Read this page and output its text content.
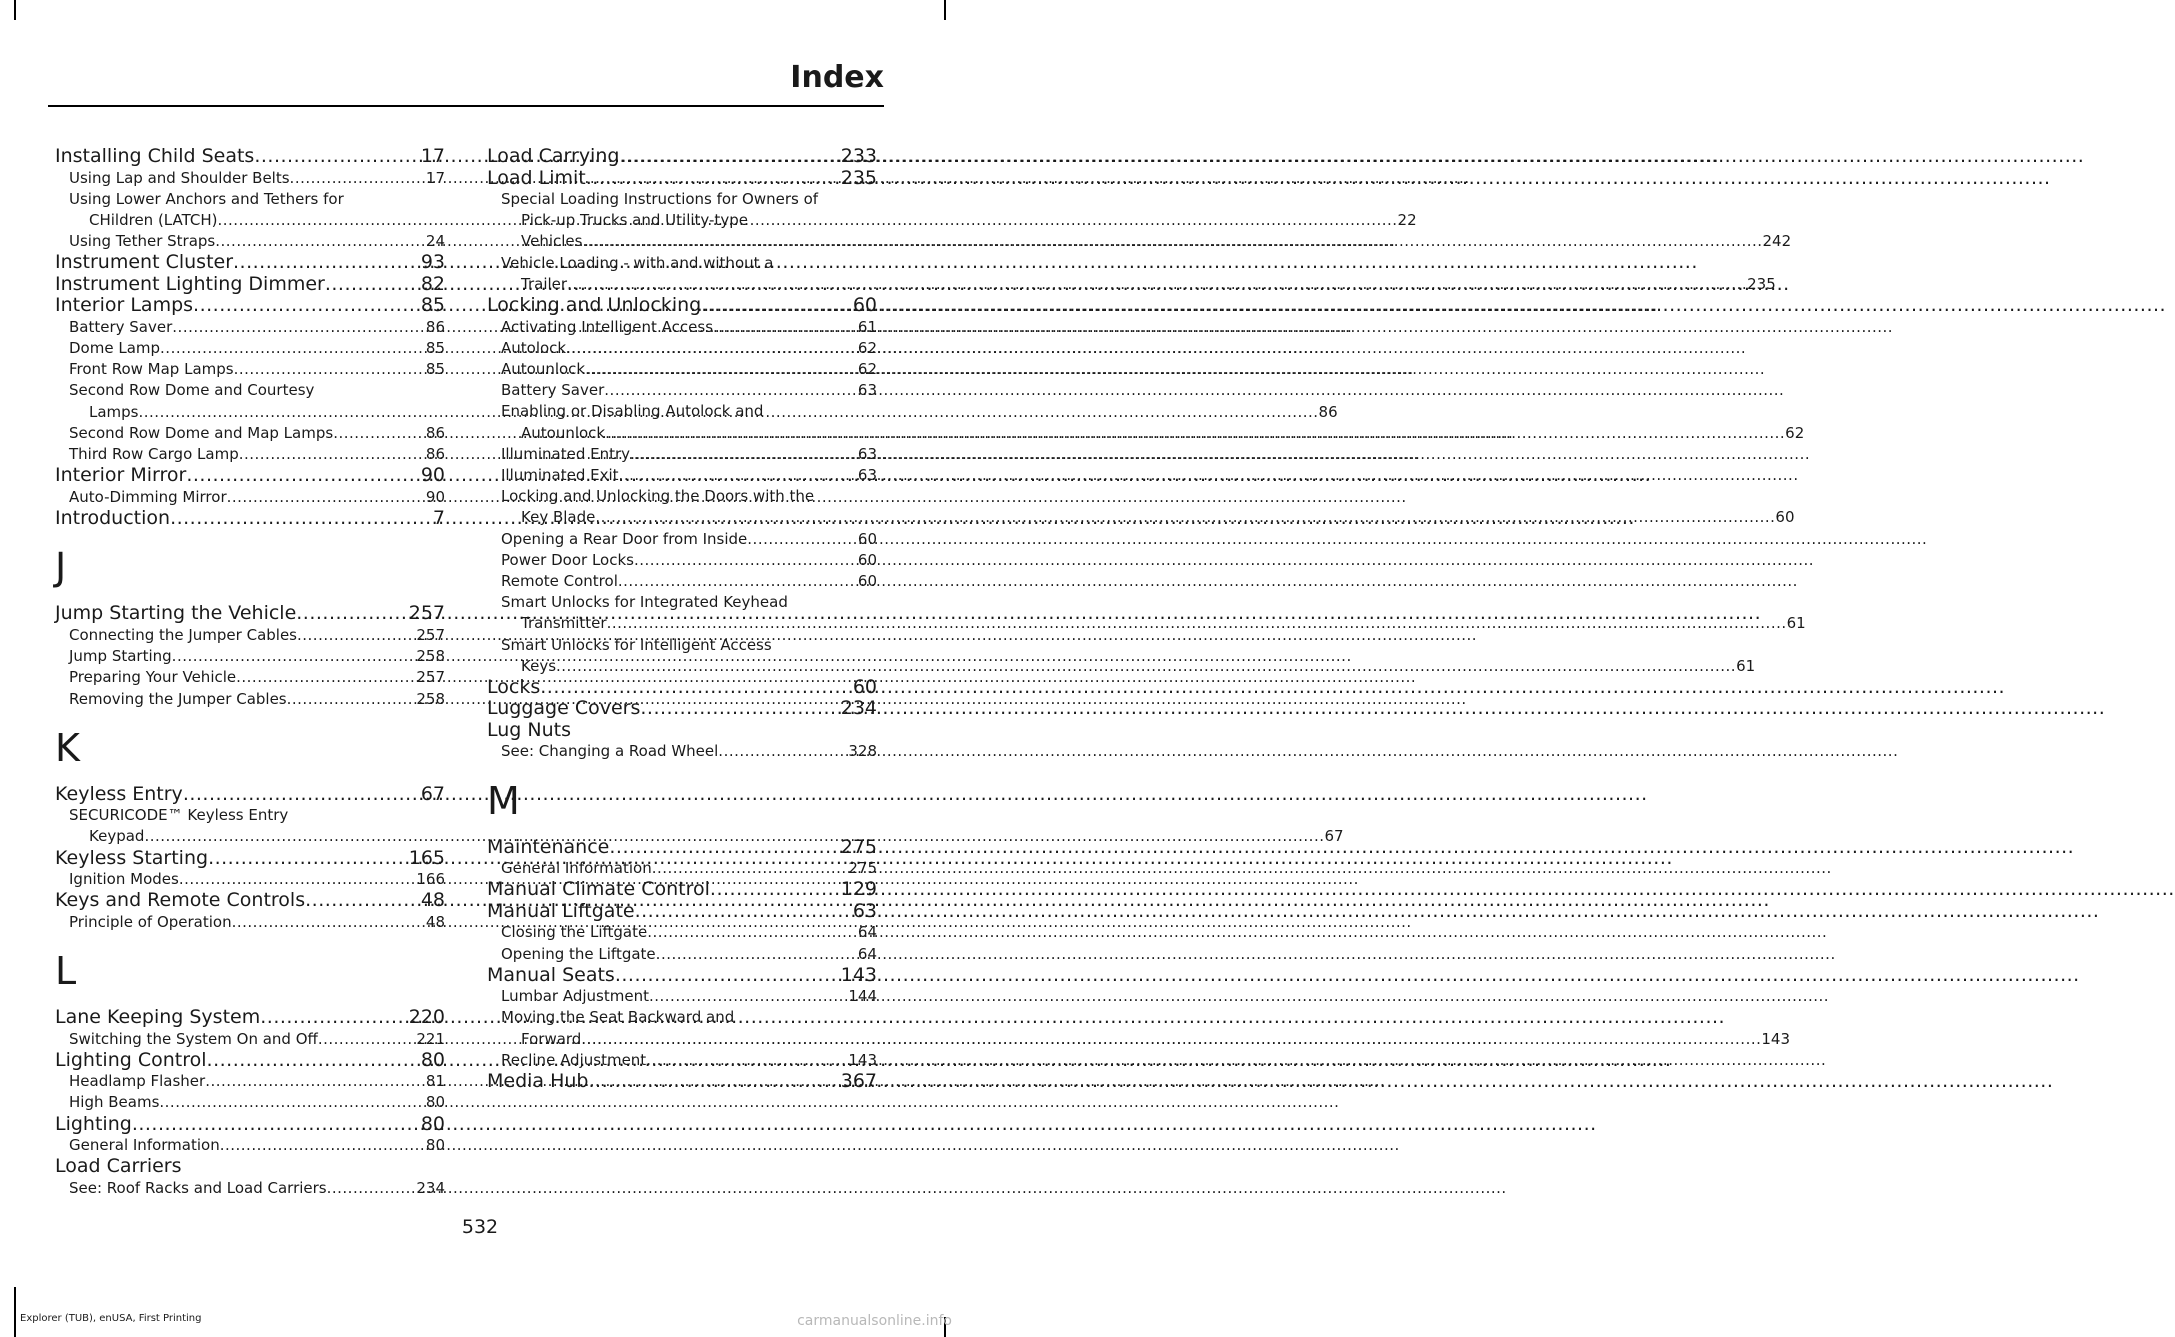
Index
Installing Child Seats .....	17
Using Lap and Shoulder Belts .....	17
Using Lower Anchors and Tethers for
CHildren (LATCH) .....	22
Using Tether Straps .....	24
Instrument Cluster .....	93
Instrument Lighting Dimmer .....	82
Interior Lamps .....	85
Battery Saver .....	86
Dome Lamp .....	85
Front Row Map Lamps .....	85
Second Row Dome and Courtesy
Lamps .....	86
Second Row Dome and Map Lamps .....	86
Third Row Cargo Lamp .....	86
Interior Mirror .....	90
Auto-Dimming Mirror .....	90
Introduction .....	7
J
Jump Starting the Vehicle .....	257
Connecting the Jumper Cables .....	257
Jump Starting .....	258
Preparing Your Vehicle .....	257
Removing the Jumper Cables .....	258
K
Keyless Entry .....	67
SECURICODE™ Keyless Entry
Keypad .....	67
Keyless Starting .....	165
Ignition Modes .....	166
Keys and Remote Controls .....	48
Principle of Operation .....	48
L
Lane Keeping System .....	220
Switching the System On and Off .....	221
Lighting Control .....	80
Headlamp Flasher .....	81
High Beams .....	80
Lighting .....	80
General Information .....	80
Load Carriers
See: Roof Racks and Load Carriers .....	234
Load Carrying .....	233
Load Limit .....	235
Special Loading Instructions for Owners of
Pick-up Trucks and Utility-type
Vehicles .....	242
Vehicle Loading - with and without a
Trailer .....	235
Locking and Unlocking .....	60
Activating Intelligent Access .....	61
Autolock .....	62
Autounlock .....	62
Battery Saver .....	63
Enabling or Disabling Autolock and
Autounlock .....	62
Illuminated Entry .....	63
Illuminated Exit .....	63
Locking and Unlocking the Doors with the
Key Blade .....	60
Opening a Rear Door from Inside .....	60
Power Door Locks .....	60
Remote Control .....	60
Smart Unlocks for Integrated Keyhead
Transmitter .....	61
Smart Unlocks for Intelligent Access
Keys .....	61
Locks .....	60
Luggage Covers .....	234
Lug Nuts
See: Changing a Road Wheel .....	328
M
Maintenance .....	275
General Information .....	275
Manual Climate Control .....	129
Manual Liftgate .....	63
Closing the Liftgate .....	64
Opening the Liftgate .....	64
Manual Seats .....	143
Lumbar Adjustment .....	144
Moving the Seat Backward and
Forward .....	143
Recline Adjustment .....	143
Media Hub .....	367
532
Explorer (TUB), enUSA, First Printing	carmanualsonline.info
